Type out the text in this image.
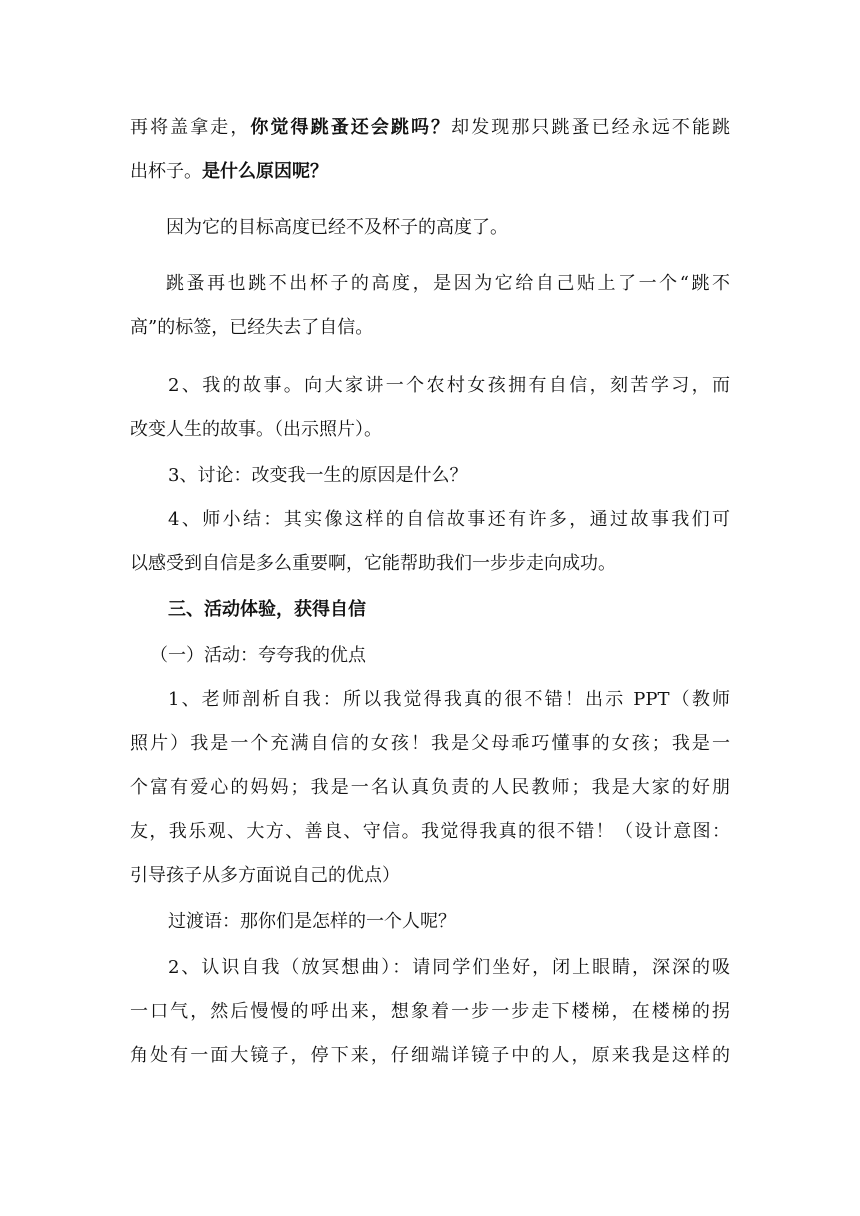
再将盖拿走，你觉得跳蚤还会跳吗？却发现那只跳蚤已经永远不能跳
出杯子。是什么原因呢？
因为它的目标高度已经不及杯子的高度了。
跳蚤再也跳不出杯子的高度，是因为它给自己贴上了一个“跳不
高”的标签，已经失去了自信。
2、我的故事。向大家讲一个农村女孩拥有自信，刻苦学习，而
改变人生的故事。（出示照片）。
3、讨论：改变我一生的原因是什么？
4、师小结：其实像这样的自信故事还有许多，通过故事我们可
以感受到自信是多么重要啊，它能帮助我们一步步走向成功。
三、活动体验，获得自信
（一）活动：夸夸我的优点
1、老师剖析自我：所以我觉得我真的很不错！出示 PPT（教师
照片）我是一个充满自信的女孩！我是父母乖巧懂事的女孩；我是一
个富有爱心的妈妈；我是一名认真负责的人民教师；我是大家的好朋
友，我乐观、大方、善良、守信。我觉得我真的很不错！（设计意图：
引导孩子从多方面说自己的优点）
过渡语：那你们是怎样的一个人呢？
2、认识自我（放冥想曲）：请同学们坐好，闭上眼睛，深深的吸
一口气，然后慢慢的呼出来，想象着一步一步走下楼梯，在楼梯的拐
角处有一面大镜子，停下来，仔细端详镜子中的人，原来我是这样的
